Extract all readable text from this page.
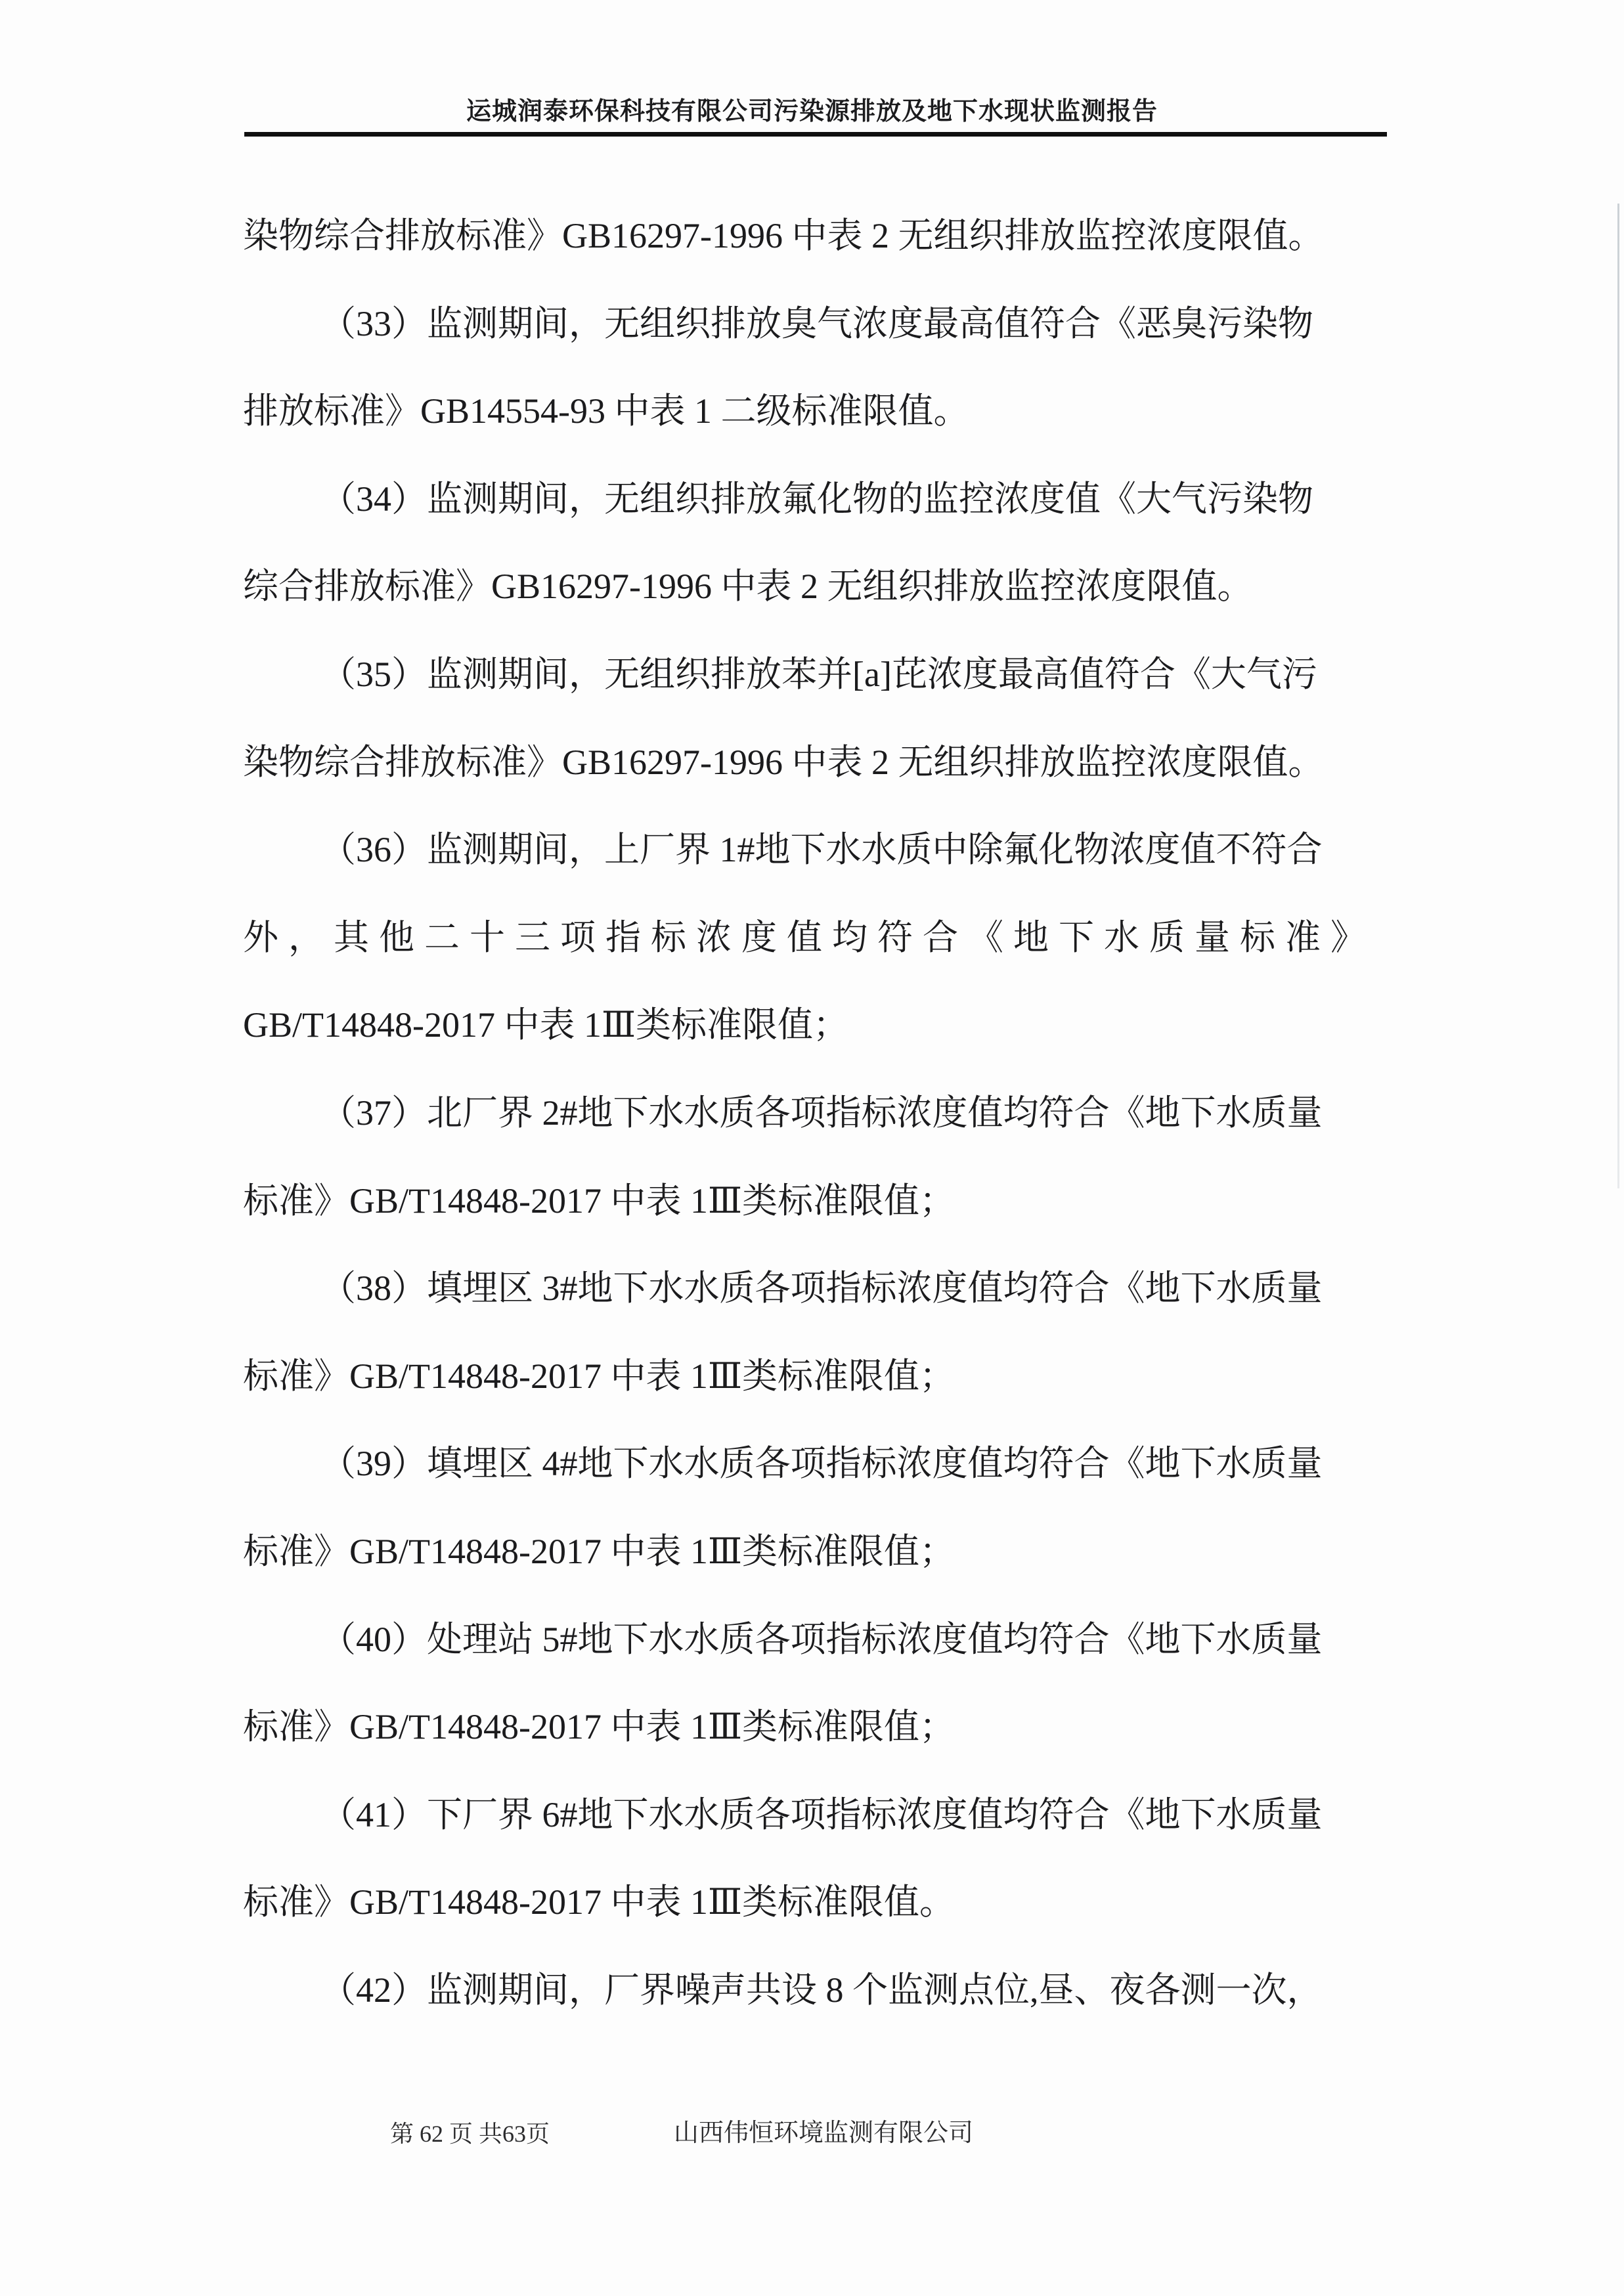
运城润泰环保科技有限公司污染源排放及地下水现状监测报告
染物综合排放标准》GB16297-1996 中表 2 无组织排放监控浓度限值。
（33）监测期间，无组织排放臭气浓度最高值符合《恶臭污染物
排放标准》GB14554-93 中表 1 二级标准限值。
（34）监测期间，无组织排放氟化物的监控浓度值《大气污染物
综合排放标准》GB16297-1996 中表 2 无组织排放监控浓度限值。
（35）监测期间，无组织排放苯并[a]芘浓度最高值符合《大气污
染物综合排放标准》GB16297-1996 中表 2 无组织排放监控浓度限值。
（36）监测期间，上厂界 1#地下水水质中除氟化物浓度值不符合
外，其他二十三项指标浓度值均符合《地下水质量标准》
GB/T14848-2017 中表 1Ⅲ类标准限值；
（37）北厂界 2#地下水水质各项指标浓度值均符合《地下水质量
标准》GB/T14848-2017 中表 1Ⅲ类标准限值；
（38）填埋区 3#地下水水质各项指标浓度值均符合《地下水质量
标准》GB/T14848-2017 中表 1Ⅲ类标准限值；
（39）填埋区 4#地下水水质各项指标浓度值均符合《地下水质量
标准》GB/T14848-2017 中表 1Ⅲ类标准限值；
（40）处理站 5#地下水水质各项指标浓度值均符合《地下水质量
标准》GB/T14848-2017 中表 1Ⅲ类标准限值；
（41）下厂界 6#地下水水质各项指标浓度值均符合《地下水质量
标准》GB/T14848-2017 中表 1Ⅲ类标准限值。
（42）监测期间，厂界噪声共设 8 个监测点位,昼、夜各测一次，
第 62 页 共63页	山西伟恒环境监测有限公司
